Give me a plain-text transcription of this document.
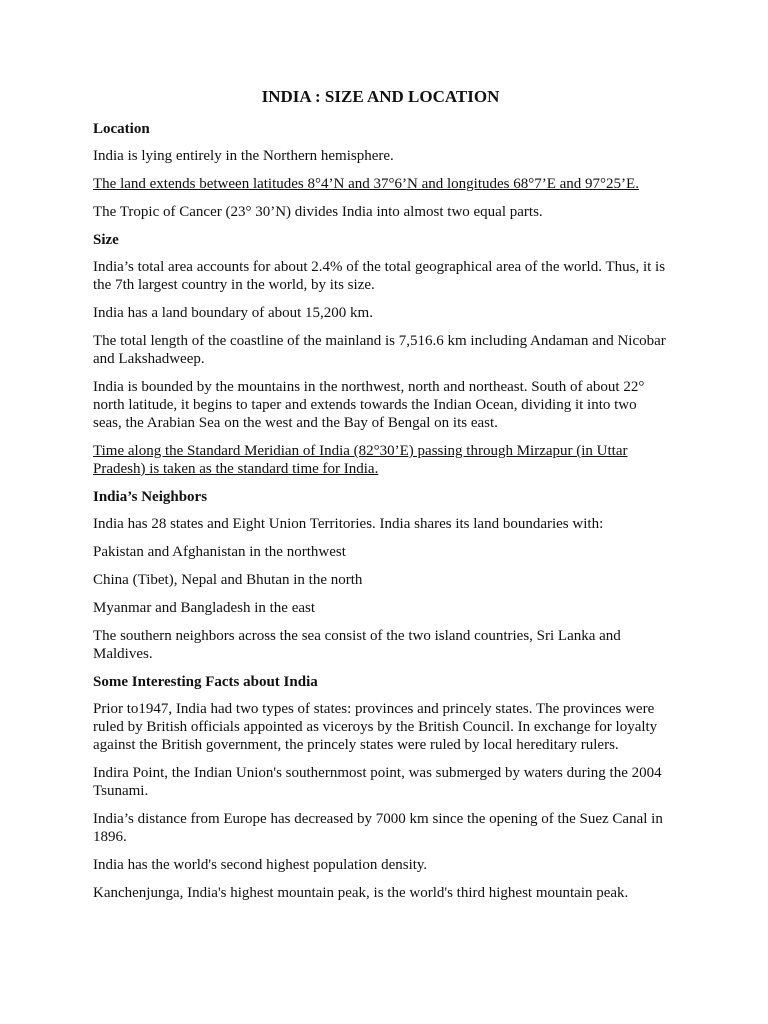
INDIA : SIZE AND LOCATION
Location
India is lying entirely in the Northern hemisphere.
The land extends between latitudes 8°4’N and 37°6’N and longitudes 68°7’E and 97°25’E.
The Tropic of Cancer (23° 30’N) divides India into almost two equal parts.
Size
India’s total area accounts for about 2.4% of the total geographical area of the world. Thus, it is the 7th largest country in the world, by its size.
India has a land boundary of about 15,200 km.
The total length of the coastline of the mainland is 7,516.6 km including Andaman and Nicobar and Lakshadweep.
India is bounded by the mountains in the northwest, north and northeast. South of about 22° north latitude, it begins to taper and extends towards the Indian Ocean, dividing it into two seas, the Arabian Sea on the west and the Bay of Bengal on its east.
Time along the Standard Meridian of India (82°30’E) passing through Mirzapur (in Uttar Pradesh) is taken as the standard time for India.
India’s Neighbors
India has 28 states and Eight Union Territories. India shares its land boundaries with:
Pakistan and Afghanistan in the northwest
China (Tibet), Nepal and Bhutan in the north
Myanmar and Bangladesh in the east
The southern neighbors across the sea consist of the two island countries, Sri Lanka and Maldives.
Some Interesting Facts about India
Prior to1947, India had two types of states: provinces and princely states. The provinces were ruled by British officials appointed as viceroys by the British Council. In exchange for loyalty against the British government, the princely states were ruled by local hereditary rulers.
Indira Point, the Indian Union's southernmost point, was submerged by waters during the 2004 Tsunami.
India’s distance from Europe has decreased by 7000 km since the opening of the Suez Canal in 1896.
India has the world's second highest population density.
Kanchenjunga, India's highest mountain peak, is the world's third highest mountain peak.
